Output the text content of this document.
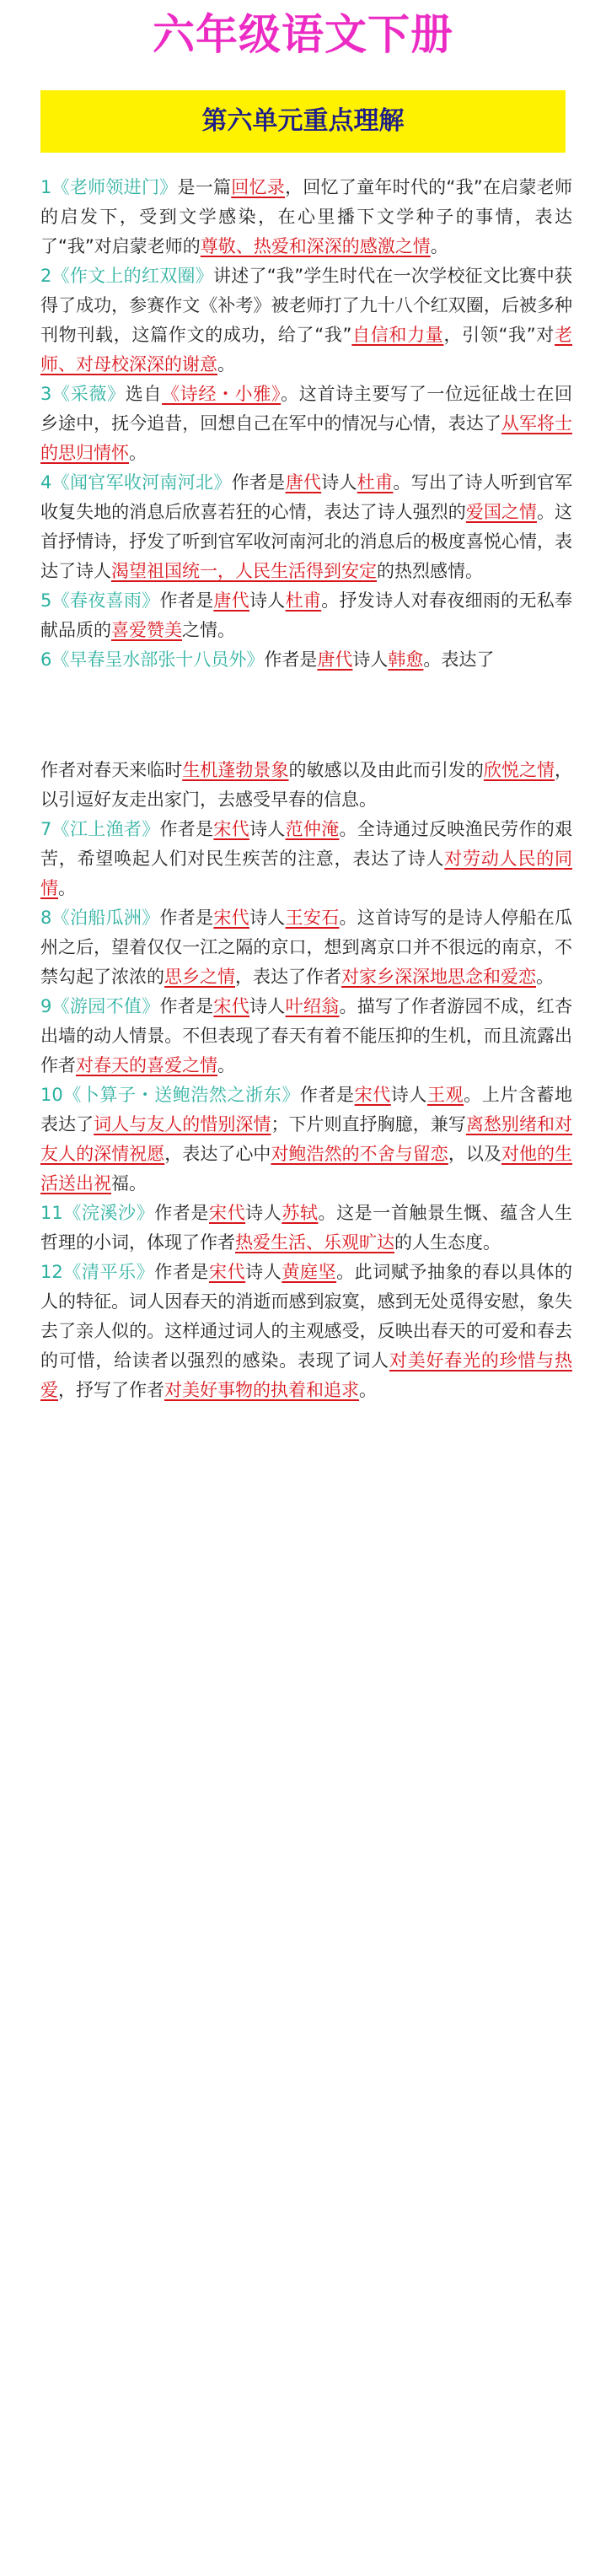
六年级语文下册
第六单元重点理解

1《老师领进门》是一篇回忆录，回忆了童年时代的“我”在启蒙老师的启发下，受到文学感染，在心里播下文学种子的事情，表达了“我”对启蒙老师的尊敬、热爱和深深的感激之情。

2《作文上的红双圈》讲述了“我”学生时代在一次学校征文比赛中获得了成功，参赛作文《补考》被老师打了九十八个红双圈，后被多种刊物刊载，这篇作文的成功，给了“我”自信和力量，引领“我”对老师、对母校深深的谢意。

3《采薇》选自《诗经・小雅》。这首诗主要写了一位远征战士在回乡途中，抚今追昔，回想自己在军中的情况与心情，表达了从军将士的思归情怀。

4《闻官军收河南河北》作者是唐代诗人杜甫。写出了诗人听到官军收复失地的消息后欣喜若狂的心情，表达了诗人强烈的爱国之情。这首抒情诗，抒发了听到官军收河南河北的消息后的极度喜悦心情，表达了诗人渴望祖国统一，人民生活得到安定的热烈感情。

5《春夜喜雨》作者是唐代诗人杜甫。抒发诗人对春夜细雨的无私奉献品质的喜爱赞美之情。

6《早春呈水部张十八员外》作者是唐代诗人韩愈。表达了

作者对春天来临时生机蓬勃景象的敏感以及由此而引发的欣悦之情，以引逗好友走出家门，去感受早春的信息。

7《江上渔者》作者是宋代诗人范仲淹。全诗通过反映渔民劳作的艰苦，希望唤起人们对民生疾苦的注意，表达了诗人对劳动人民的同情。

8《泊船瓜洲》作者是宋代诗人王安石。这首诗写的是诗人停船在瓜州之后，望着仅仅一江之隔的京口，想到离京口并不很远的南京，不禁勾起了浓浓的思乡之情，表达了作者对家乡深深地思念和爱恋。

9《游园不值》作者是宋代诗人叶绍翁。描写了作者游园不成，红杏出墙的动人情景。不但表现了春天有着不能压抑的生机，而且流露出作者对春天的喜爱之情。

10《卜算子・送鲍浩然之浙东》作者是宋代诗人王观。上片含蓄地表达了词人与友人的惜别深情；下片则直抒胸臆，兼写离愁别绪和对友人的深情祝愿，表达了心中对鲍浩然的不舍与留恋，以及对他的生活送出祝福。

11《浣溪沙》作者是宋代诗人苏轼。这是一首触景生慨、蕴含人生哲理的小词，体现了作者热爱生活、乐观旷达的人生态度。

12《清平乐》作者是宋代诗人黄庭坚。此词赋予抽象的春以具体的人的特征。词人因春天的消逝而感到寂寞，感到无处觅得安慰，象失去了亲人似的。这样通过词人的主观感受，反映出春天的可爱和春去的可惜，给读者以强烈的感染。表现了词人对美好春光的珍惜与热爱，抒写了作者对美好事物的执着和追求。
